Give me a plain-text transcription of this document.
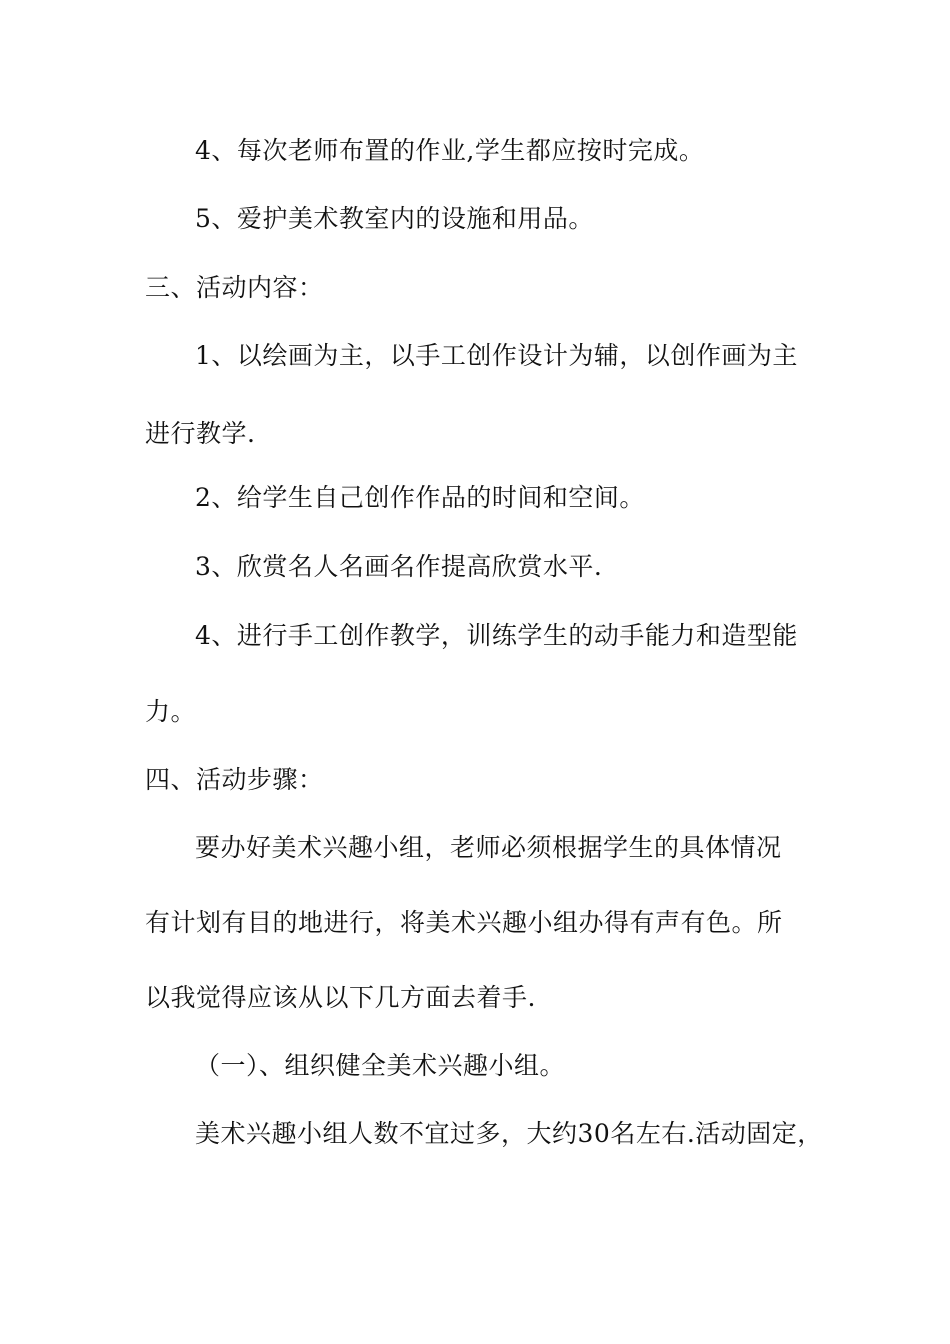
4、每次老师布置的作业,学生都应按时完成。
5、爱护美术教室内的设施和用品。
三、活动内容：
1、以绘画为主，以手工创作设计为辅，以创作画为主
进行教学.
2、给学生自己创作作品的时间和空间。
3、欣赏名人名画名作提高欣赏水平.
4、进行手工创作教学，训练学生的动手能力和造型能
力。
四、活动步骤：
要办好美术兴趣小组，老师必须根据学生的具体情况
有计划有目的地进行，将美术兴趣小组办得有声有色。所
以我觉得应该从以下几方面去着手.
（一）、组织健全美术兴趣小组。
美术兴趣小组人数不宜过多，大约30名左右.活动固定，
